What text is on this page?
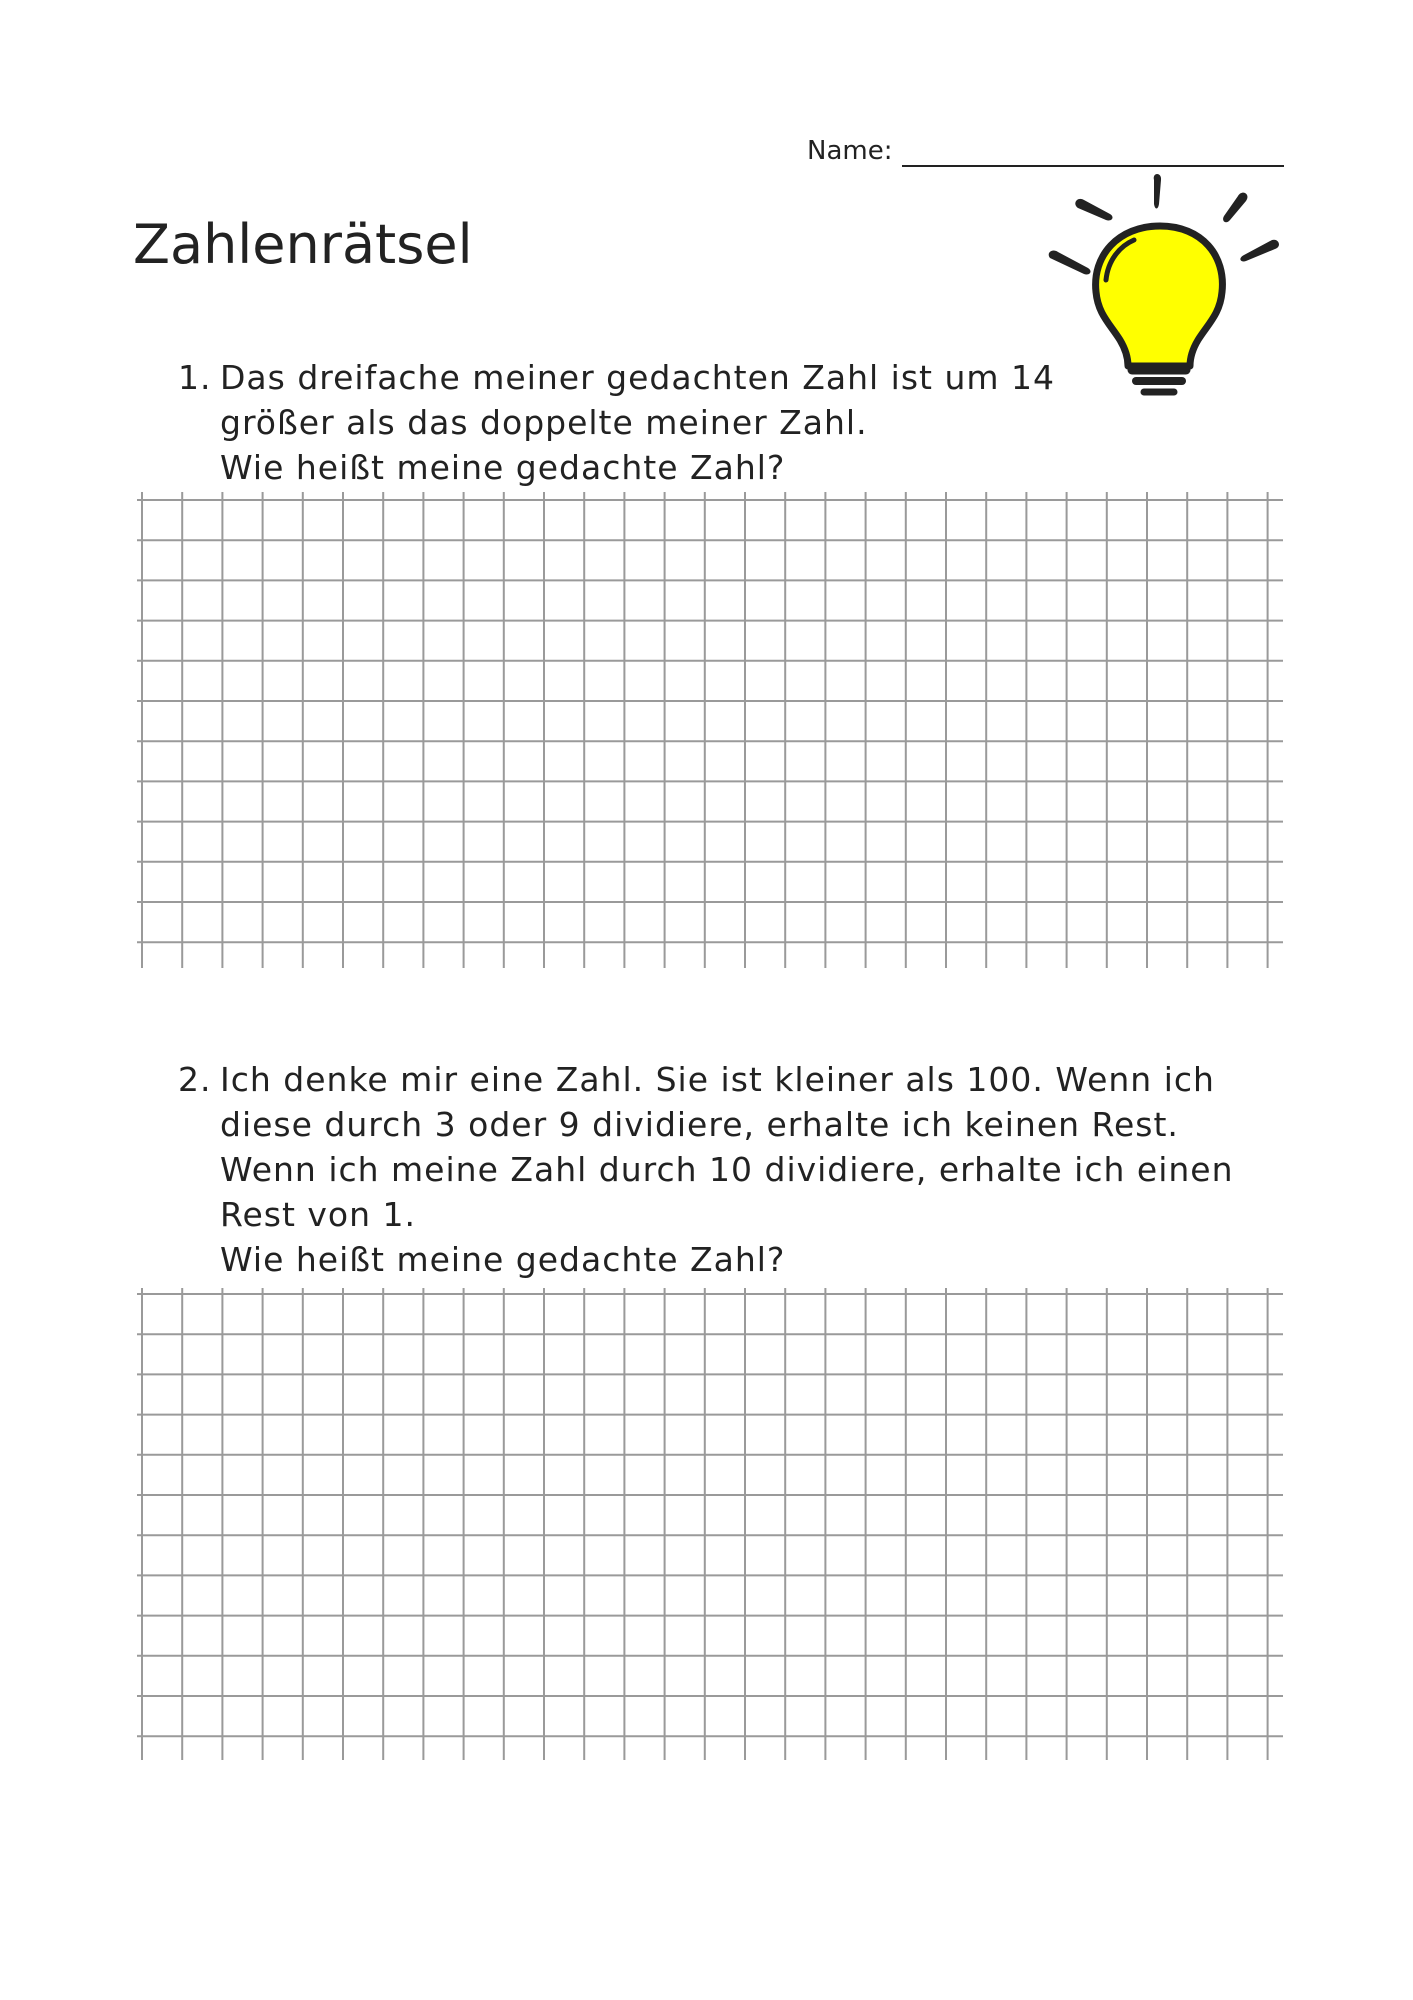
Name:
Zahlenrätsel
1. Das dreifache meiner gedachten Zahl ist um 14
größer als das doppelte meiner Zahl.
Wie heißt meine gedachte Zahl?
2. Ich denke mir eine Zahl. Sie ist kleiner als 100. Wenn ich
diese durch 3 oder 9 dividiere, erhalte ich keinen Rest.
Wenn ich meine Zahl durch 10 dividiere, erhalte ich einen
Rest von 1.
Wie heißt meine gedachte Zahl?
